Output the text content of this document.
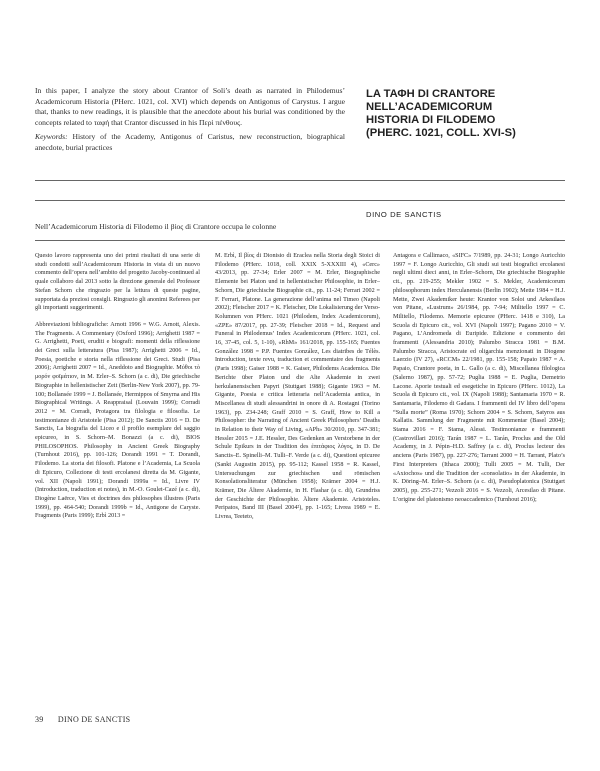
In this paper, I analyze the story about Crantor of Soli’s death as narrated in Philodemus’ Academicorum Historia (PHerc. 1021, col. XVI) which depends on Antigonus of Carystus. I argue that, thanks to new readings, it is plausible that the anecdote about his burial was conditioned by the concepts related to ταφή that Crantor discussed in his Περὶ πένθους.

Keywords: History of the Academy, Antigonus of Caristus, new reconstruction, biographical anecdote, burial practices

LA ΤΑΦΗ DI CRANTORE
NELL’ACADEMICORUM
HISTORIA DI FILODEMO
(PHERC. 1021, COLL. XVI-S)

DINO DE SANCTIS

Nell’Academicorum Historia di Filodemo il βίος di Crantore occupa le colonne

Questo lavoro rappresenta uno dei primi risultati di una serie di studi condotti sull’Academicorum Historia in vista di un nuovo commento dell’opera nell’ambito del progetto Jacoby-continued al quale collaboro dal 2013 sotto la direzione generale del Professor Stefan Schorn che ringrazio per la lettura di queste pagine, supportata da preziosi consigli. Ringrazio gli anonimi Referees per gli importanti suggerimenti.

Abbreviazioni bibliografiche: Arnott 1996 = W.G. Arnott, Alexis. The Fragments. A Commentary (Oxford 1996); Arrighetti 1987 = G. Arrighetti, Poeti, eruditi e biografi: momenti della riflessione dei Greci sulla letteratura (Pisa 1987); Arrighetti 2006 = Id., Poesia, poetiche e storia nella riflessione dei Greci. Studi (Pisa 2006); Arrighetti 2007 = Id., Aneddoto and Biographie. Μύθοι τὸ μορόν φοῖμάτιον, in M. Erler–S. Schorn (a c. di), Die griechische Biographie in hellenistischer Zeit (Berlin-New York 2007), pp. 79-100; Bollansée 1999 = J. Bollansée, Hermippos of Smyrna and His Biographical Writings. A Reappraisal (Louvain 1999); Corradi 2012 = M. Corradi, Protagora tra filologia e filosofia. Le testimonianze di Aristotele (Pisa 2012); De Sanctis 2016 = D. De Sanctis, La biografia del Liceo e il profilo esemplare del saggio epicureo, in S. Schorn–M. Bonazzi (a c. di), BIOS PHILOSOPHOS. Philosophy in Ancient Greek Biography (Turnhout 2016), pp. 101-126; Dorandi 1991 = T. Dorandi, Filodemo. La storia dei filosofi. Platone e l’Academia, La Scuola di Epicuro, Collezione di testi ercolanesi diretta da M. Gigante, vol. XII (Napoli 1991); Dorandi 1999a = Id., Livre IV (Introduction, traduction et notes), in M.-O. Goulet-Cazé (a c. di), Diogène Laërce, Vies et doctrines des philosophes illustres (Paris 1999), pp. 464-540; Dorandi 1999b = Id., Antigone de Caryste. Fragments (Paris 1999); Erbì 2013 =

M. Erbì, Il βίος di Dionisio di Eraclea nella Storia degli Stoici di Filodemo (PHerc. 1018, coll. XXIX 5-XXXIII 4), «Cerc» 43/2013, pp. 27-34; Erler 2007 = M. Erler, Biographische Elemente bei Platon und in hellenistischer Philosophie, in Erler–Schorn, Die griechische Biographie cit., pp. 11-24; Ferrari 2002 = F. Ferrari, Platone. La generazione dell’anima nel Timeo (Napoli 2002); Fleischer 2017 = K. Fleischer, Die Lokalisierung der Verso-Kolumnen von PHerc. 1021 (Philodem, Index Academicorum), «ZPE» 87/2017, pp. 27-39; Fleischer 2018 = Id., Request and Funeral in Philodemus’ Index Academicorum (PHerc. 1021, col. 16, 37-45, col. 5, 1-10), «RhM» 161/2018, pp. 155-165; Fuentes González 1998 = P.P. Fuentes González, Les diatribes de Télès. Introduction, texte revu, traduction et commentaire des fragments (Paris 1998); Gaiser 1988 = K. Gaiser, Philodems Academica. Die Berichte über Platon und die Alte Akademie in zwei herkulanensischen Papyri (Stuttgart 1988); Gigante 1963 = M. Gigante, Poesia e critica letteraria nell’Academia antica, in Miscellanea di studi alessandrini in onore di A. Rostagni (Torino 1963), pp. 234-248; Graff 2010 = S. Graff, How to Kill a Philosopher: the Narrating of Ancient Greek Philosophers’ Deaths in Relation to their Way of Living, «APh» 30/2010, pp. 347-381; Hessler 2015 = J.E. Hessler, Des Gedenken an Verstorbene in der Schule Epikurs in der Tradition des ἐπιτάφιος λόγος, in D. De Sanctis–E. Spinelli–M. Tulli–F. Verde (a c. di), Questioni epicuree (Sankt Augustin 2015), pp. 95-112; Kassel 1958 = R. Kassel, Untersuchungen zur griechischen und römischen Konsolationsliteratur (München 1958); Krämer 2004 = H.J. Krämer, Die Ältere Akademie, in H. Flashar (a c. di), Grundriss der Geschichte der Philosophie. Ältere Akademie. Aristoteles. Peripatos, Band III (Basel 2004²), pp. 1-165; Livrea 1989 = E. Livrea, Teeteto,

Antagora e Callimaco, «SIFC» 7/1989, pp. 24-31; Longo Auricchio 1997 = F. Longo Auricchio, Gli studi sui testi biografici ercolanesi negli ultimi dieci anni, in Erler–Schorn, Die griechische Biographie cit., pp. 219-255; Mekler 1902 = S. Mekler, Academicorum philosophorum index Herculanensis (Berlin 1902); Mette 1984 = H.J. Mette, Zwei Akademiker heute: Krantor von Soloi und Arkesilaos von Pitane, «Lustrum» 26/1984, pp. 7-94; Militello 1997 = C. Militello, Filodemo. Memorie epicuree (PHerc. 1418 e 310), La Scuola di Epicuro cit., vol. XVI (Napoli 1997); Pagano 2010 = V. Pagano, L’Andromeda di Euripide. Edizione e commento dei frammenti (Alessandria 2010); Palumbo Stracca 1981 = B.M. Palumbo Stracca, Aristocrate ed oligarchia menzionati in Diogene Laerzio (IV 27), «RCCM» 22/1981, pp. 155-158; Papaio 1987 = A. Papaio, Crantore poeta, in L. Gallo (a c. di), Miscellanea filologica (Salerno 1987), pp. 57-72; Puglia 1988 = E. Puglia, Demetrio Lacone. Aporie testuali ed esegetiche in Epicuro (PHerc. 1012), La Scuola di Epicuro cit., vol. IX (Napoli 1988); Santamaria 1970 = R. Santamaria, Filodemo di Gadara. I frammenti del IV libro dell’opera “Sulla morte” (Roma 1970); Schorn 2004 = S. Schorn, Satyros aus Kallatis. Sammlung der Fragmente mit Kommentar (Basel 2004); Stama 2016 = F. Stama, Alessi. Testimonianze e frammenti (Castrovillari 2016); Tarán 1987 = L. Tarán, Proclus and the Old Academy, in J. Pépin–H.D. Saffrey (a c. di), Proclus lecteur des anciens (Paris 1987), pp. 227-276; Tarrant 2000 = H. Tarrant, Plato’s First Interpreters (Ithaca 2000); Tulli 2005 = M. Tulli, Der «Axiochos» und die Tradition der «consolatio» in der Akademie, in K. Döring–M. Erler–S. Schorn (a c. di), Pseudoplatonica (Stuttgart 2005), pp. 255-271; Vezzoli 2016 = S. Vezzoli, Arcesilao di Pitane. L’origine del platonismo neoaccademico (Turnhout 2016);

39 DINO DE SANCTIS
